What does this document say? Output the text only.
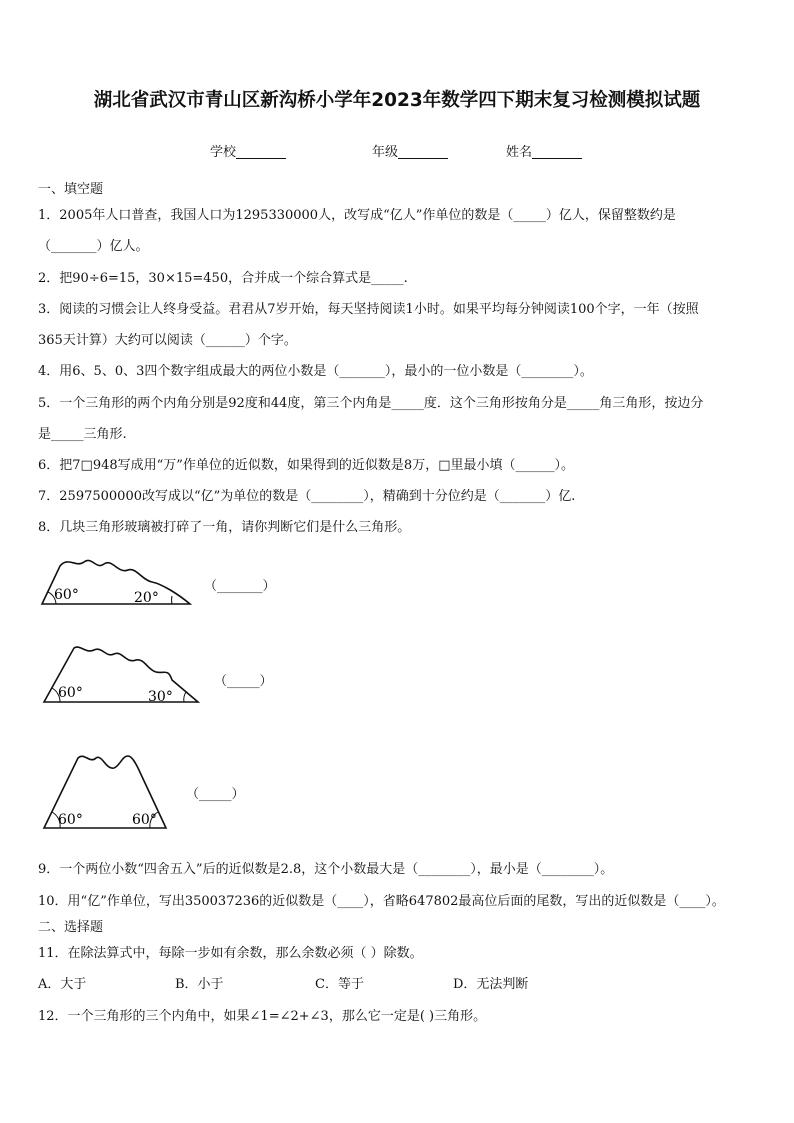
湖北省武汉市青山区新沟桥小学年2023年数学四下期末复习检测模拟试题
学校	年级	姓名
一、填空题
1．2005年人口普查，我国人口为1295330000人，改写成“亿人”作单位的数是（_____）亿人，保留整数约是
（_______）亿人。
2．把90÷6=15，30×15=450，合并成一个综合算式是_____.
3．阅读的习惯会让人终身受益。君君从7岁开始，每天坚持阅读1小时。如果平均每分钟阅读100个字，一年（按照
365天计算）大约可以阅读（______）个字。
4．用6、5、0、3四个数字组成最大的两位小数是（_______），最小的一位小数是（________）。
5．一个三角形的两个内角分别是92度和44度，第三个内角是_____度．这个三角形按角分是_____角三角形，按边分
是_____三角形.
6．把7□948写成用“万”作单位的近似数，如果得到的近似数是8万，□里最小填（______）。
7．2597500000改写成以“亿”为单位的数是（________），精确到十分位约是（_______）亿.
8．几块三角形玻璃被打碎了一角，请你判断它们是什么三角形。
60°	20°
（_______）
60°	30°
（_____）
60°	60°
（_____）
9．一个两位小数“四舍五入”后的近似数是2.8，这个小数最大是（________），最小是（________）。
10．用“亿”作单位，写出350037236的近似数是（____），省略647802最高位后面的尾数，写出的近似数是（____）。
二、选择题
11．在除法算式中，每除一步如有余数，那么余数必须（ ）除数。
A．大于	B．小于	C．等于	D．无法判断
12．一个三角形的三个内角中，如果∠1=∠2+∠3，那么它一定是( )三角形。
